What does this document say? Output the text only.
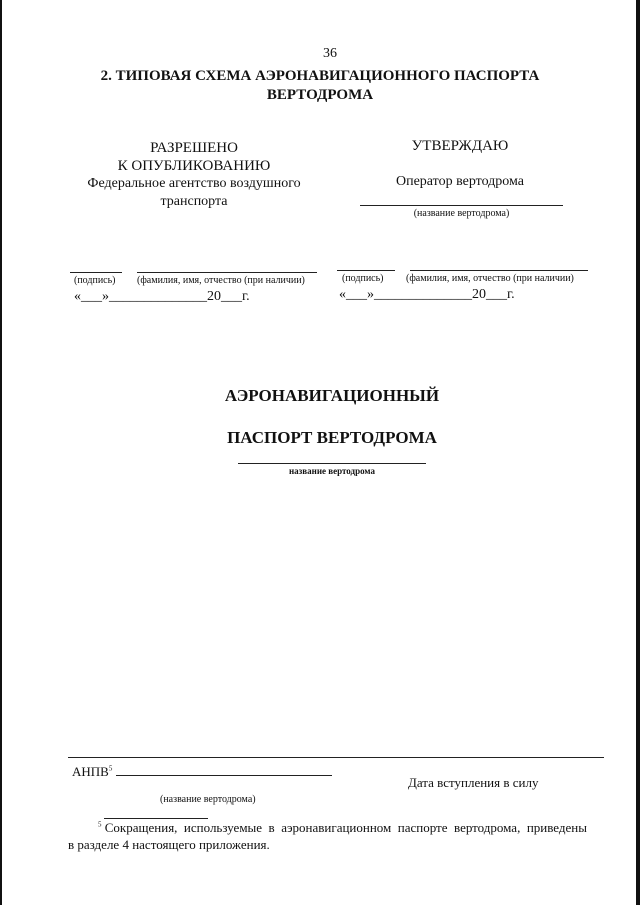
36
2. ТИПОВАЯ СХЕМА АЭРОНАВИГАЦИОННОГО ПАСПОРТА
ВЕРТОДРОМА
РАЗРЕШЕНО
К ОПУБЛИКОВАНИЮ
Федеральное агентство воздушного
транспорта
УТВЕРЖДАЮ
Оператор вертодрома
(название вертодрома)
(подпись) (фамилия, имя, отчество (при наличии)
«___»______________20___г.
(подпись) (фамилия, имя, отчество (при наличии)
«___»______________20___г.
АЭРОНАВИГАЦИОННЫЙ
ПАСПОРТ ВЕРТОДРОМА
название вертодрома
АНПВ$^5$
Дата вступления в силу
(название вертодрома)
$^5$ Сокращения,  используемые  в  аэронавигационном  паспорте  вертодрома,  приведены
в разделе 4 настоящего приложения.
